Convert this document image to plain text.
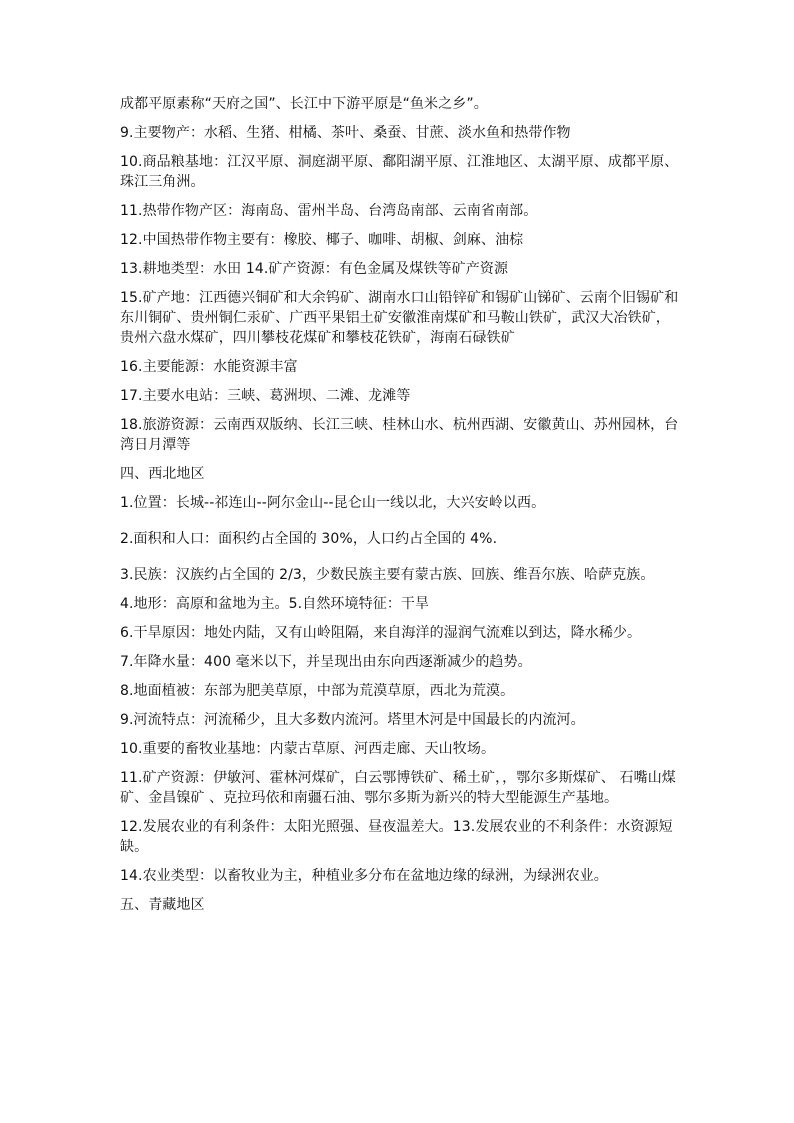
成都平原素称“天府之国”、长江中下游平原是“鱼米之乡”。

9.主要物产：水稻、生猪、柑橘、茶叶、桑蚕、甘蔗、淡水鱼和热带作物

10.商品粮基地：江汉平原、洞庭湖平原、鄱阳湖平原、江淮地区、太湖平原、成都平原、珠江三角洲。

11.热带作物产区：海南岛、雷州半岛、台湾岛南部、云南省南部。

12.中国热带作物主要有：橡胶、椰子、咖啡、胡椒、剑麻、油棕

13.耕地类型：水田 14.矿产资源：有色金属及煤铁等矿产资源

15.矿产地：江西德兴铜矿和大余钨矿、湖南水口山铅锌矿和锡矿山锑矿、云南个旧锡矿和东川铜矿、贵州铜仁汞矿、广西平果铝土矿安徽淮南煤矿和马鞍山铁矿，武汉大冶铁矿，贵州六盘水煤矿，四川攀枝花煤矿和攀枝花铁矿，海南石碌铁矿

16.主要能源：水能资源丰富

17.主要水电站：三峡、葛洲坝、二滩、龙滩等

18.旅游资源：云南西双版纳、长江三峡、桂林山水、杭州西湖、安徽黄山、苏州园林，台湾日月潭等

四、西北地区

1.位置：长城--祁连山--阿尔金山--昆仑山一线以北，大兴安岭以西。

2.面积和人口：面积约占全国的 30%，人口约占全国的 4%.

3.民族：汉族约占全国的 2/3，少数民族主要有蒙古族、回族、维吾尔族、哈萨克族。

4.地形：高原和盆地为主。5.自然环境特征：干旱

6.干旱原因：地处内陆，又有山岭阻隔，来自海洋的湿润气流难以到达，降水稀少。

7.年降水量：400 毫米以下，并呈现出由东向西逐渐减少的趋势。

8.地面植被：东部为肥美草原，中部为荒漠草原，西北为荒漠。

9.河流特点：河流稀少，且大多数内流河。塔里木河是中国最长的内流河。

10.重要的畜牧业基地：内蒙古草原、河西走廊、天山牧场。

11.矿产资源：伊敏河、霍林河煤矿，白云鄂博铁矿、稀土矿，，鄂尔多斯煤矿、 石嘴山煤矿、金昌镍矿 、克拉玛依和南疆石油、鄂尔多斯为新兴的特大型能源生产基地。

12.发展农业的有利条件：太阳光照强、昼夜温差大。13.发展农业的不利条件：水资源短缺。

14.农业类型：以畜牧业为主，种植业多分布在盆地边缘的绿洲，为绿洲农业。

五、青藏地区
